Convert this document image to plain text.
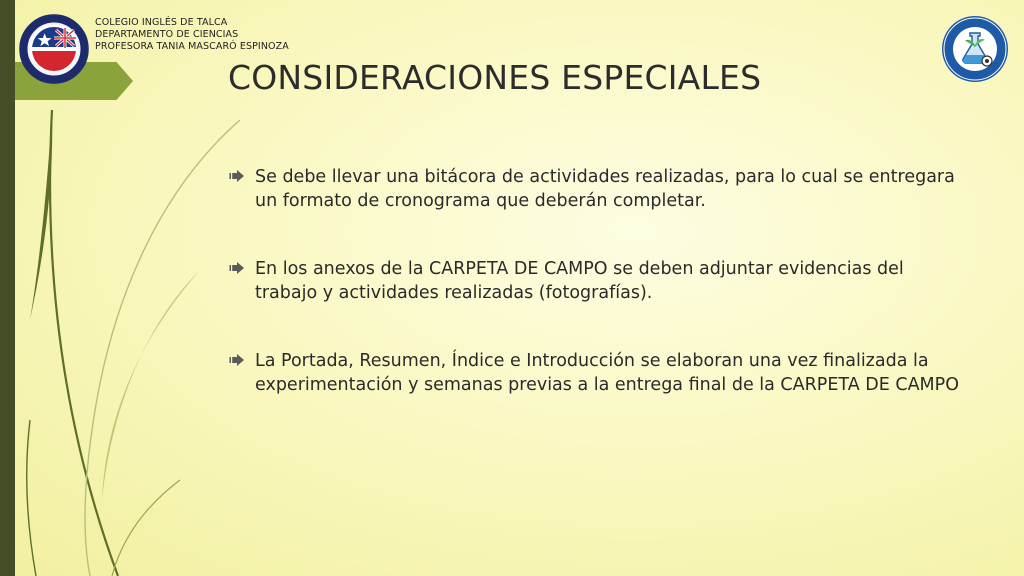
COLEGIO INGLÉS DE TALCA
DEPARTAMENTO DE CIENCIAS
PROFESORA TANIA MASCARÓ ESPINOZA
CONSIDERACIONES ESPECIALES
Se debe llevar una bitácora de actividades realizadas, para lo cual se entregara un formato de cronograma que deberán completar.
En los anexos de la CARPETA DE CAMPO se deben adjuntar evidencias del trabajo y actividades realizadas (fotografías).
La Portada, Resumen, Índice e Introducción se elaboran una vez finalizada la experimentación y semanas previas a la entrega final de la CARPETA DE CAMPO
